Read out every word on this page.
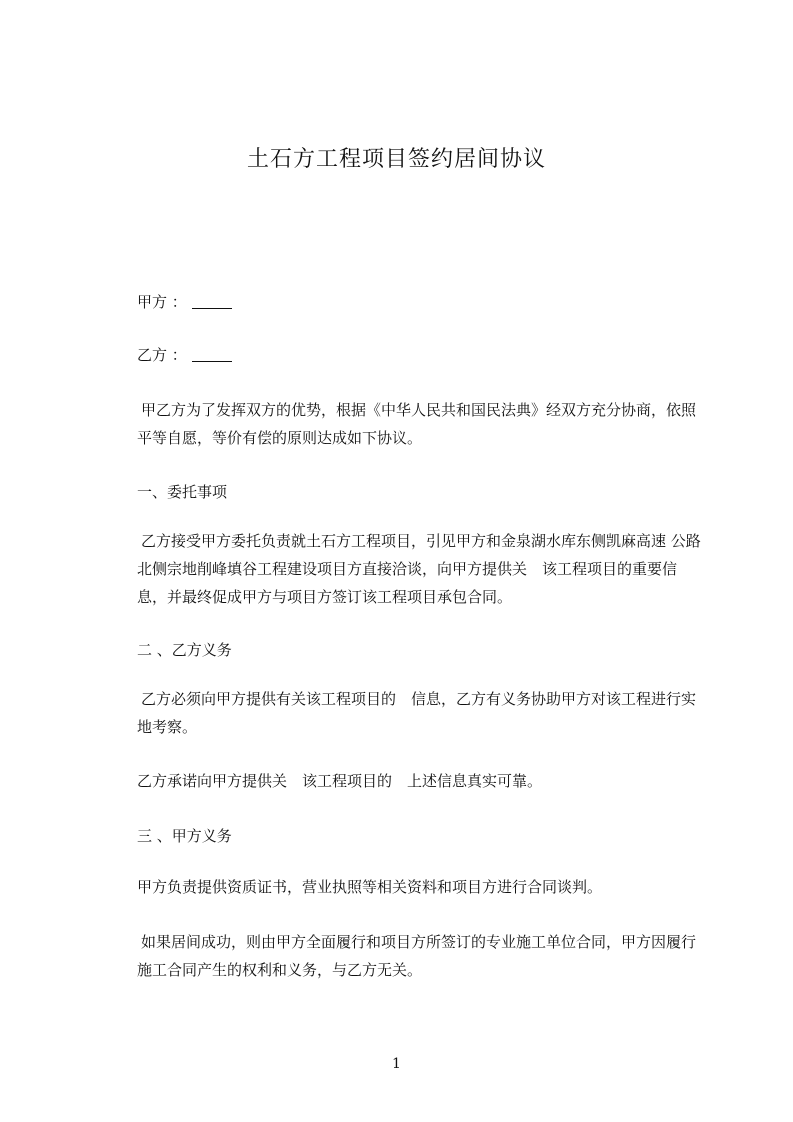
土石方工程项目签约居间协议
甲方 ：
乙方 ：
甲乙方为了发挥双方的优势，根据《中华人民共和国民法典》经双方充分协商，依照平等自愿，等价有偿的原则达成如下协议。
一、委托事项
乙方接受甲方委托负责就土石方工程项目，引见甲方和金泉湖水库东侧凯麻高速 公路北侧宗地削峰填谷工程建设项目方直接洽谈，向甲方提供关　该工程项目的重要信息，并最终促成甲方与项目方签订该工程项目承包合同。
二 、乙方义务
乙方必须向甲方提供有关该工程项目的　信息，乙方有义务协助甲方对该工程进行实地考察。
乙方承诺向甲方提供关　该工程项目的　上述信息真实可靠。
三 、甲方义务
甲方负责提供资质证书，营业执照等相关资料和项目方进行合同谈判。
如果居间成功，则由甲方全面履行和项目方所签订的专业施工单位合同，甲方因履行施工合同产生的权利和义务，与乙方无关。
1
